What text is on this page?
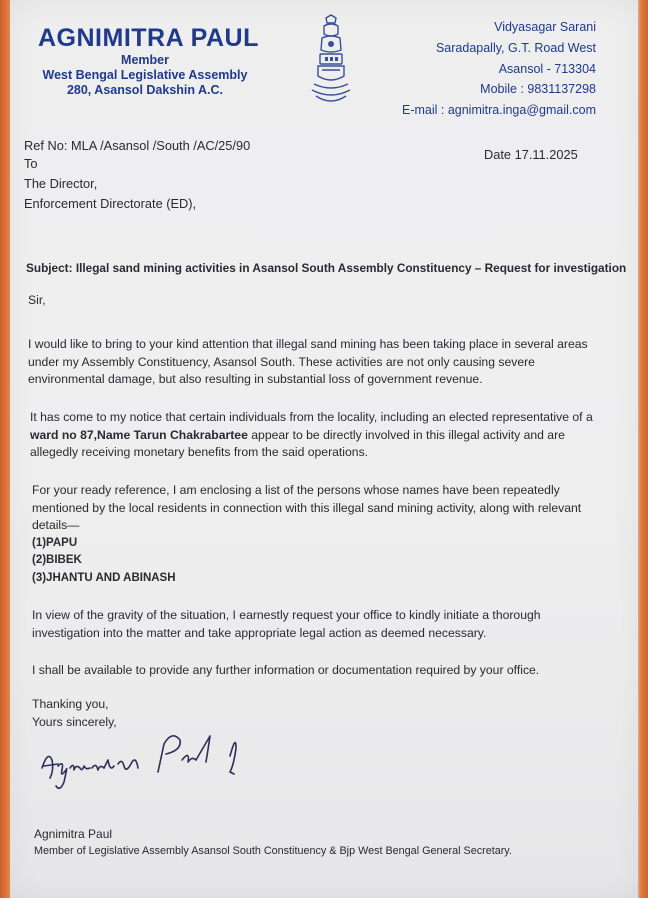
AGNIMITRA PAUL
Member
West Bengal Legislative Assembly
280, Asansol Dakshin A.C.
Vidyasagar Sarani
Saradapally, G.T. Road West
Asansol - 713304
Mobile : 9831137298
E-mail : agnimitra.inga@gmail.com
Ref No: MLA /Asansol /South /AC/25/90
Date 17.11.2025
To
The Director,
Enforcement Directorate (ED),
Subject: Illegal sand mining activities in Asansol South Assembly Constituency – Request for investigation
Sir,
I would like to bring to your kind attention that illegal sand mining has been taking place in several areas
under my Assembly Constituency, Asansol South. These activities are not only causing severe
environmental damage, but also resulting in substantial loss of government revenue.
It has come to my notice that certain individuals from the locality, including an elected representative of a
ward no 87,Name Tarun Chakrabartee appear to be directly involved in this illegal activity and are
allegedly receiving monetary benefits from the said operations.
For your ready reference, I am enclosing a list of the persons whose names have been repeatedly
mentioned by the local residents in connection with this illegal sand mining activity, along with relevant
details—
(1)PAPU
(2)BIBEK
(3)JHANTU AND ABINASH
In view of the gravity of the situation, I earnestly request your office to kindly initiate a thorough
investigation into the matter and take appropriate legal action as deemed necessary.
I shall be available to provide any further information or documentation required by your office.
Thanking you,
Yours sincerely,
Agnimitra Paul
Member of Legislative Assembly Asansol South Constituency & Bjp West Bengal General Secretary.
